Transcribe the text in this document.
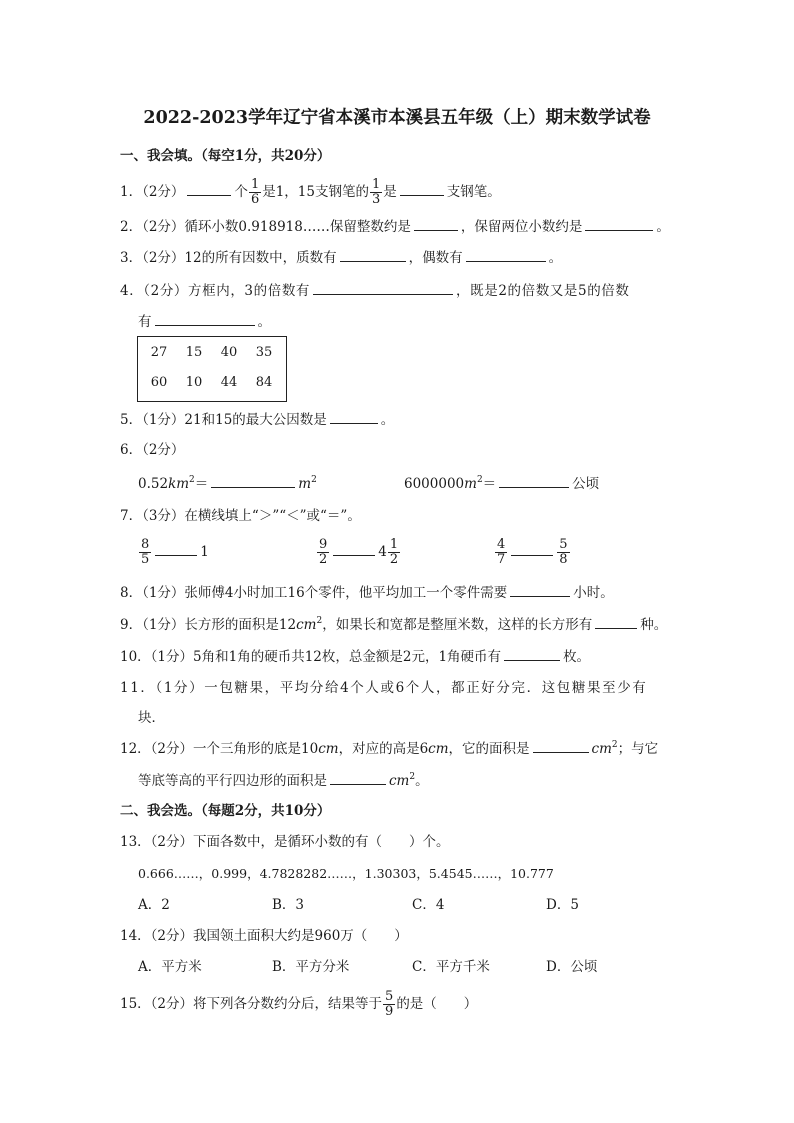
2022-2023学年辽宁省本溪市本溪县五年级（上）期末数学试卷
一、我会填。（每空1分，共20分）
1．（2分）	个 $\frac{1}{6}$ 是1，15支钢笔的 $\frac{1}{3}$ 是	支钢笔。
2．（2分）循环小数0.918918……保留整数约是	，保留两位小数约是	。
3．（2分）12的所有因数中，质数有	，偶数有	。
4．（2分）方框内，3的倍数有	，既是2的倍数又是5的倍数
有	。
27	15	40	35
60	10	44	84
5．（1分）21和15的最大公因数是	。
6．（2分）
$0.52km^2=$	$m^2$	$6000000m^2=$	公顷
7．（3分）在横线填上“＞”“＜”或“＝”。
$\frac{8}{5}$	1	$\frac{9}{2}$	$4 \frac{1}{2}$	$\frac{4}{7}$	$\frac{5}{8}$
8．（1分）张师傅4小时加工16个零件，他平均加工一个零件需要	小时。
9．（1分）长方形的面积是$12cm^2$，如果长和宽都是整厘米数，这样的长方形有	种。
10．（1分）5角和1角的硬币共12枚，总金额是2元，1角硬币有	枚。
11．（1分）一包糖果，平均分给4个人或6个人，都正好分完．这包糖果至少有
块．
12．（2分）一个三角形的底是10cm，对应的高是6cm，它的面积是	$cm^2$；与它
等底等高的平行四边形的面积是	$cm^2$。
二、我会选。（每题2分，共10分）
13．（2分）下面各数中，是循环小数的有（　　）个。
0.666……，0.999，4.7828282……，1.30303，5.4545……，10.777
A．2	B．3	C．4	D．5
14．（2分）我国领土面积大约是960万（　　）
A．平方米	B．平方分米	C．平方千米	D．公顷
15．（2分）将下列各分数约分后，结果等于 $\frac{5}{9}$ 的是（　　）
